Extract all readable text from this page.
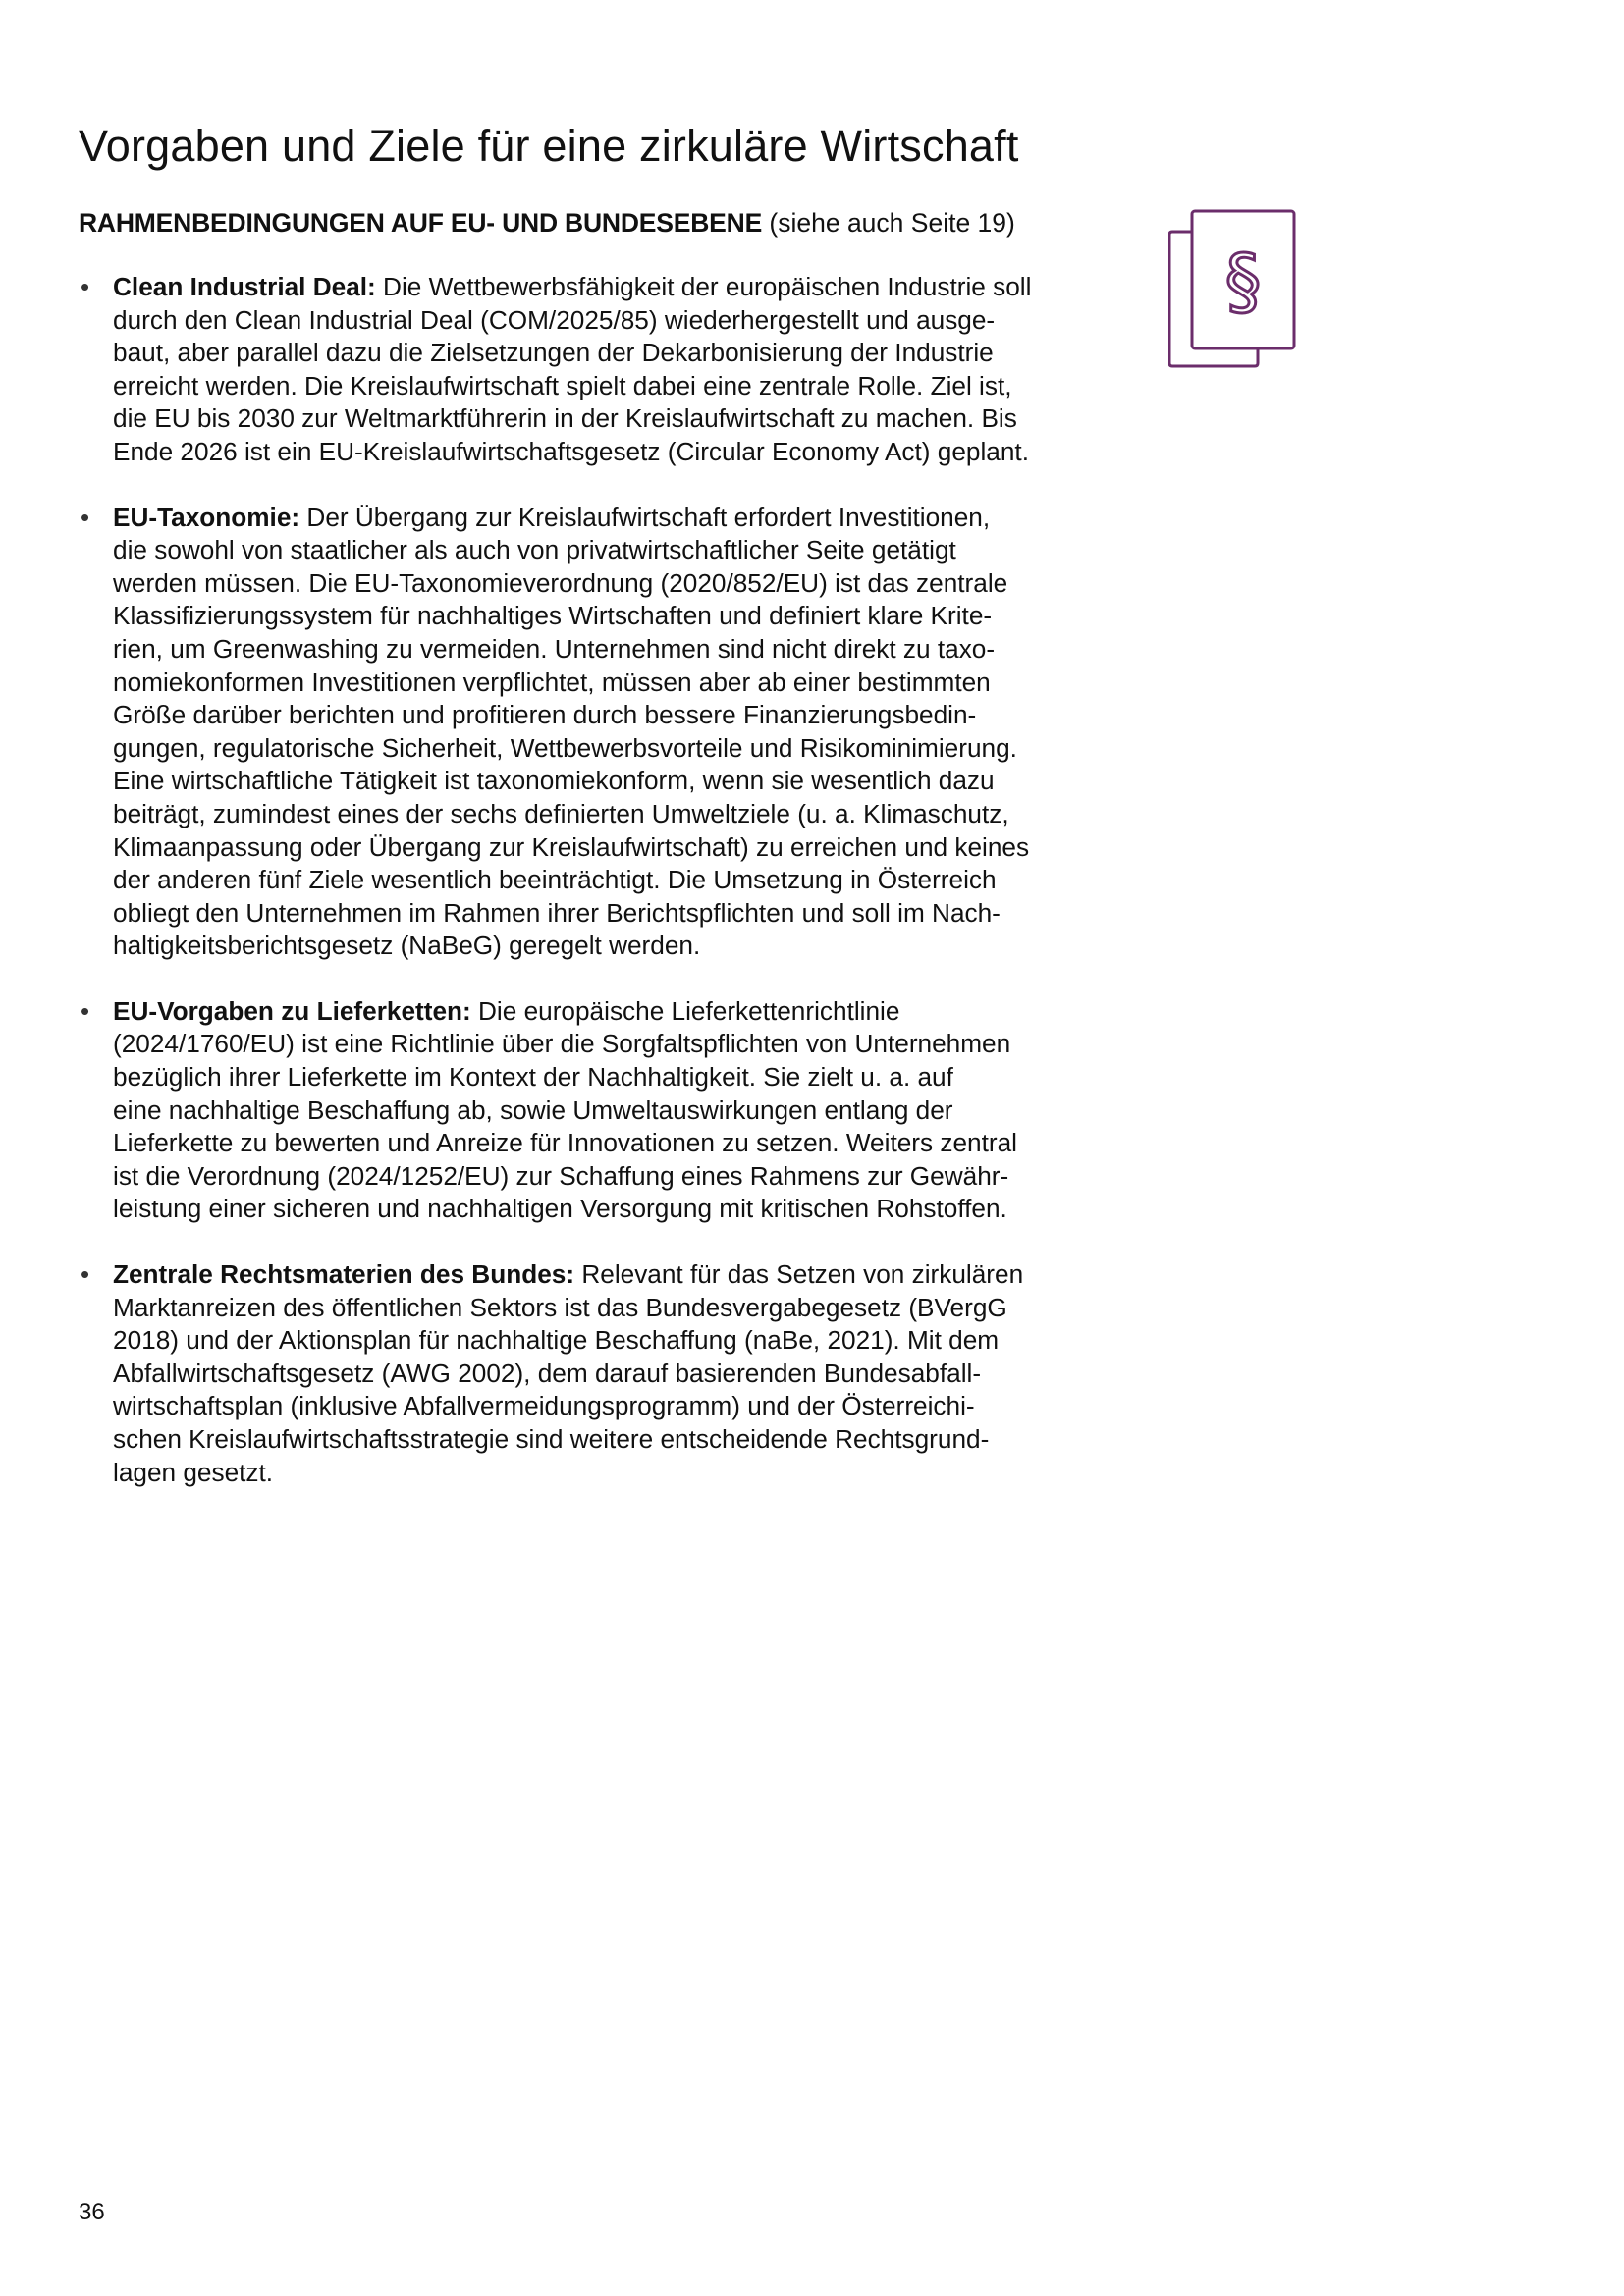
Vorgaben und Ziele für eine zirkuläre Wirtschaft

RAHMENBEDINGUNGEN AUF EU- UND BUNDESEBENE (siehe auch Seite 19)

§
• Clean Industrial Deal: Die Wettbewerbsfähigkeit der europäischen Industrie soll
durch den Clean Industrial Deal (COM/2025/85) wiederhergestellt und ausge-
baut, aber parallel dazu die Zielsetzungen der Dekarbonisierung der Industrie
erreicht werden. Die Kreislaufwirtschaft spielt dabei eine zentrale Rolle. Ziel ist,
die EU bis 2030 zur Weltmarktführerin in der Kreislaufwirtschaft zu machen. Bis
Ende 2026 ist ein EU-Kreislaufwirtschaftsgesetz (Circular Economy Act) geplant.
• EU-Taxonomie: Der Übergang zur Kreislaufwirtschaft erfordert Investitionen,
die sowohl von staatlicher als auch von privatwirtschaftlicher Seite getätigt
werden müssen. Die EU-Taxonomieverordnung (2020/852/EU) ist das zentrale
Klassifizierungssystem für nachhaltiges Wirtschaften und definiert klare Krite-
rien, um Greenwashing zu vermeiden. Unternehmen sind nicht direkt zu taxo-
nomiekonformen Investitionen verpflichtet, müssen aber ab einer bestimmten
Größe darüber berichten und profitieren durch bessere Finanzierungsbedin-
gungen, regulatorische Sicherheit, Wettbewerbsvorteile und Risikominimierung.
Eine wirtschaftliche Tätigkeit ist taxonomiekonform, wenn sie wesentlich dazu
beiträgt, zumindest eines der sechs definierten Umweltziele (u. a. Klimaschutz,
Klimaanpassung oder Übergang zur Kreislaufwirtschaft) zu erreichen und keines
der anderen fünf Ziele wesentlich beeinträchtigt. Die Umsetzung in Österreich
obliegt den Unternehmen im Rahmen ihrer Berichtspflichten und soll im Nach-
haltigkeitsberichtsgesetz (NaBeG) geregelt werden.
• EU-Vorgaben zu Lieferketten: Die europäische Lieferkettenrichtlinie
(2024/1760/EU) ist eine Richtlinie über die Sorgfaltspflichten von Unternehmen
bezüglich ihrer Lieferkette im Kontext der Nachhaltigkeit. Sie zielt u. a. auf
eine nachhaltige Beschaffung ab, sowie Umweltauswirkungen entlang der
Lieferkette zu bewerten und Anreize für Innovationen zu setzen. Weiters zentral
ist die Verordnung (2024/1252/EU) zur Schaffung eines Rahmens zur Gewähr-
leistung einer sicheren und nachhaltigen Versorgung mit kritischen Rohstoffen.
• Zentrale Rechtsmaterien des Bundes: Relevant für das Setzen von zirkulären
Marktanreizen des öffentlichen Sektors ist das Bundesvergabegesetz (BVergG
2018) und der Aktionsplan für nachhaltige Beschaffung (naBe, 2021). Mit dem
Abfallwirtschaftsgesetz (AWG 2002), dem darauf basierenden Bundesabfall-
wirtschaftsplan (inklusive Abfallvermeidungsprogramm) und der Österreichi-
schen Kreislaufwirtschaftsstrategie sind weitere entscheidende Rechtsgrund-
lagen gesetzt.
36
